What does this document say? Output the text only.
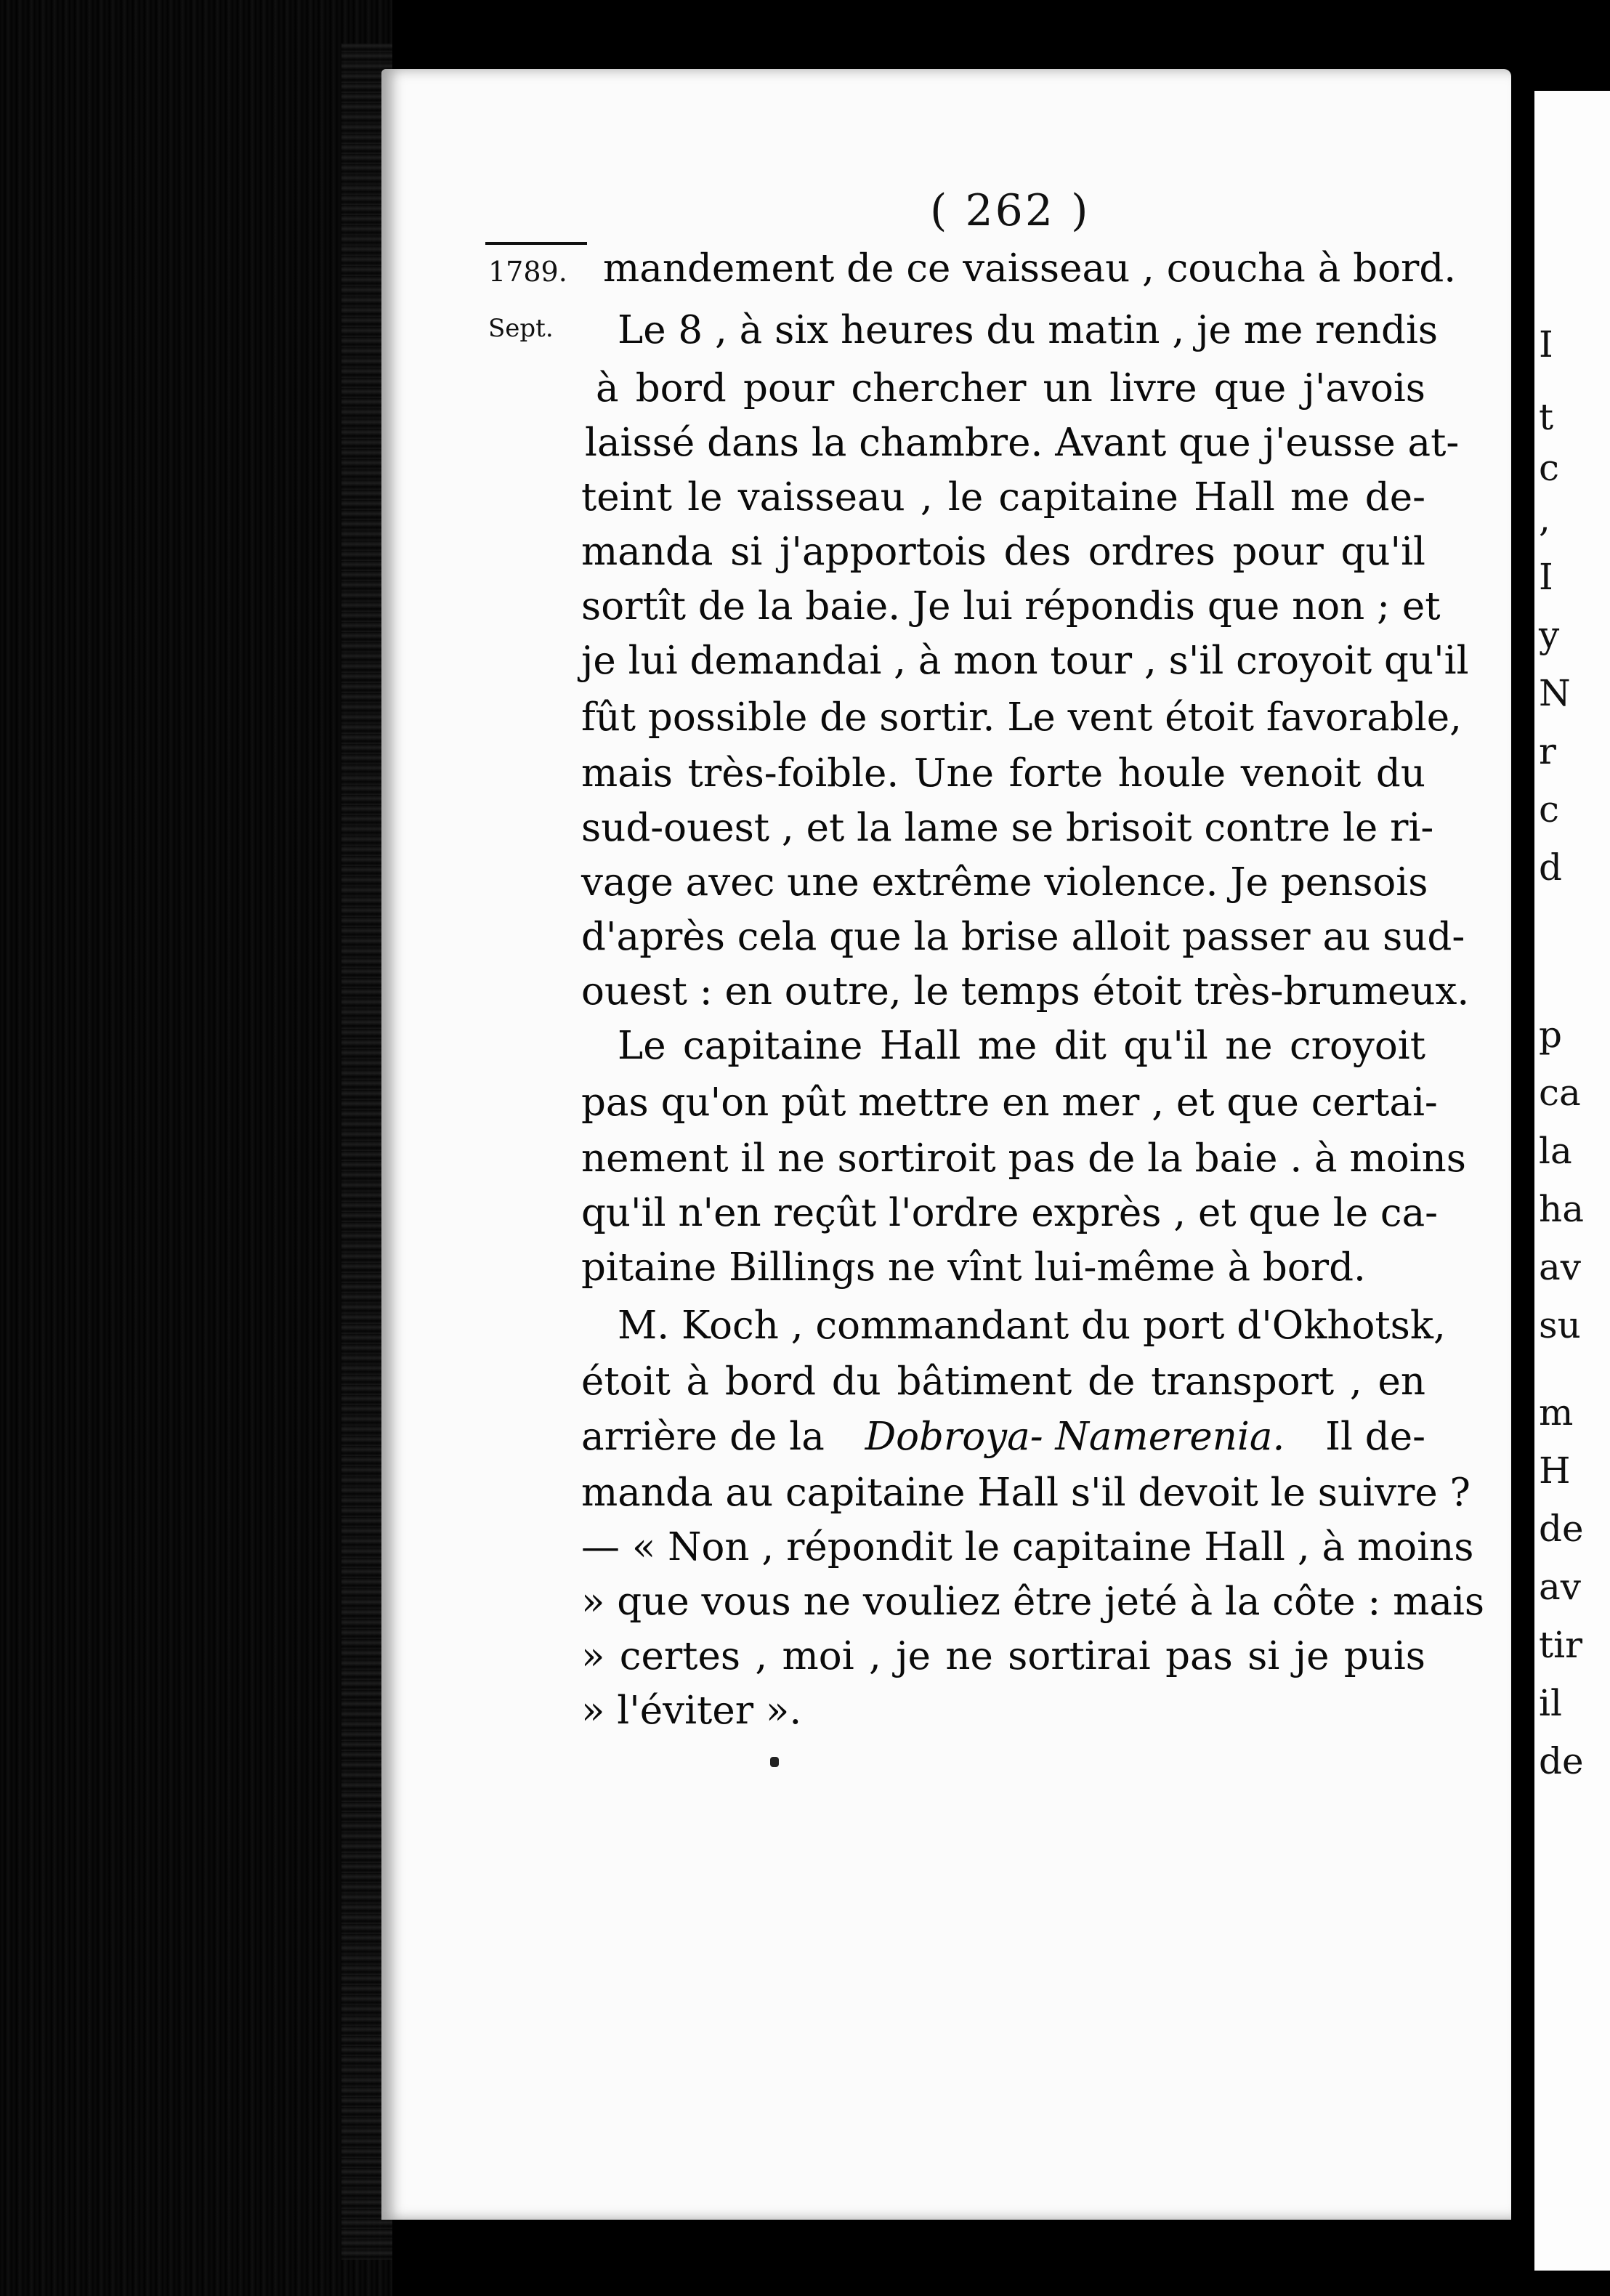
I
t
c
,
I
y
N
r
c
d
p
ca
la
ha
av
su
m
H
de
av
tir
il
de
( 262 )
1789.
Sept.
mandement de ce vaisseau , coucha à bord.
Le 8 , à six heures du matin , je me rendis
à bord pour chercher un livre que j'avois
laissé dans la chambre. Avant que j'eusse at-
teint le vaisseau , le capitaine Hall me de-
manda si j'apportois des ordres pour qu'il
sortît de la baie. Je lui répondis que non ; et
je lui demandai , à mon tour , s'il croyoit qu'il
fût possible de sortir. Le vent étoit favorable,
mais très-foible. Une forte houle venoit du
sud-ouest , et la lame se brisoit contre le ri-
vage avec une extrême violence. Je pensois
d'après cela que la brise alloit passer au sud-
ouest : en outre, le temps étoit très-brumeux.
Le capitaine Hall me dit qu'il ne croyoit
pas qu'on pût mettre en mer , et que certai-
nement il ne sortiroit pas de la baie . à moins
qu'il n'en reçût l'ordre exprès , et que le ca-
pitaine Billings ne vînt lui-même à bord.
M. Koch , commandant du port d'Okhotsk,
étoit à bord du bâtiment de transport , en
arrière de la Dobroya- Namerenia. Il de-
manda au capitaine Hall s'il devoit le suivre ?
— « Non , répondit le capitaine Hall , à moins
» que vous ne vouliez être jeté à la côte : mais
» certes , moi , je ne sortirai pas si je puis
» l'éviter ».
